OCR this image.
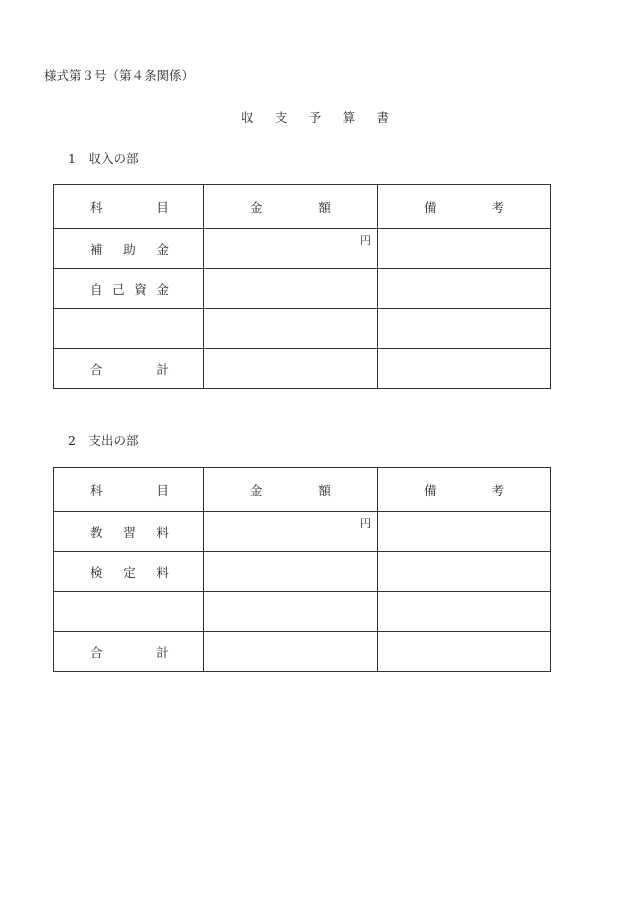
様式第３号（第４条関係）
収 支 予 算 書
1　収入の部
科 目	金 額	備 考

補 助 金	円	

自 己 資 金		

合 計		

2　支出の部
科 目	金 額	備 考

教 習 料	円	

検 定 料		

合 計		
